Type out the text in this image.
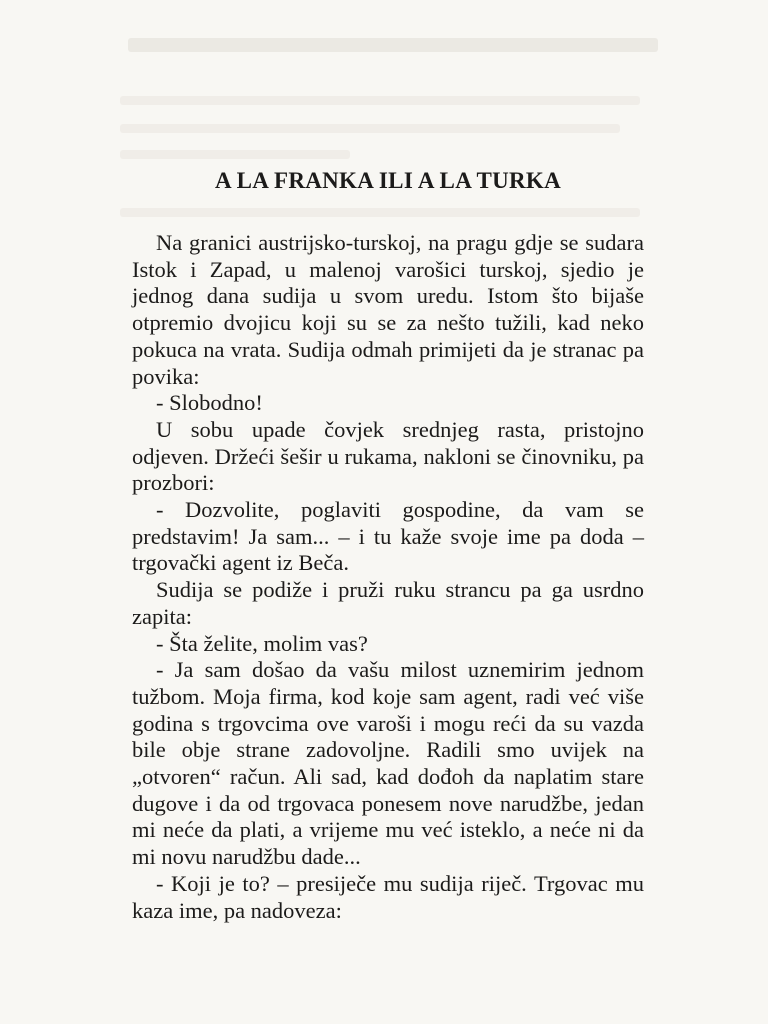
A LA FRANKA ILI A LA TURKA

Na granici austrijsko-turskoj, na pragu gdje se sudara Istok i Zapad, u malenoj varošici turskoj, sjedio je jednog dana sudija u svom uredu. Istom što bijaše otpremio dvojicu koji su se za nešto tužili, kad neko pokuca na vrata. Sudija odmah primijeti da je stranac pa povika:

- Slobodno!

U sobu upade čovjek srednjeg rasta, pristojno odjeven. Držeći šešir u rukama, nakloni se činovniku, pa prozbori:

- Dozvolite, poglaviti gospodine, da vam se predstavim! Ja sam... – i tu kaže svoje ime pa doda – trgovački agent iz Beča.

Sudija se podiže i pruži ruku strancu pa ga usrdno zapita:

- Šta želite, molim vas?

- Ja sam došao da vašu milost uznemirim jednom tužbom. Moja firma, kod koje sam agent, radi već više godina s trgovcima ove varoši i mogu reći da su vazda bile obje strane zadovoljne. Radili smo uvijek na „otvoren“ račun. Ali sad, kad dođoh da naplatim stare dugove i da od trgovaca ponesem nove narudžbe, jedan mi neće da plati, a vrijeme mu već isteklo, a neće ni da mi novu narudžbu dade...

- Koji je to? – presiječe mu sudija riječ. Trgovac mu kaza ime, pa nadoveza:
